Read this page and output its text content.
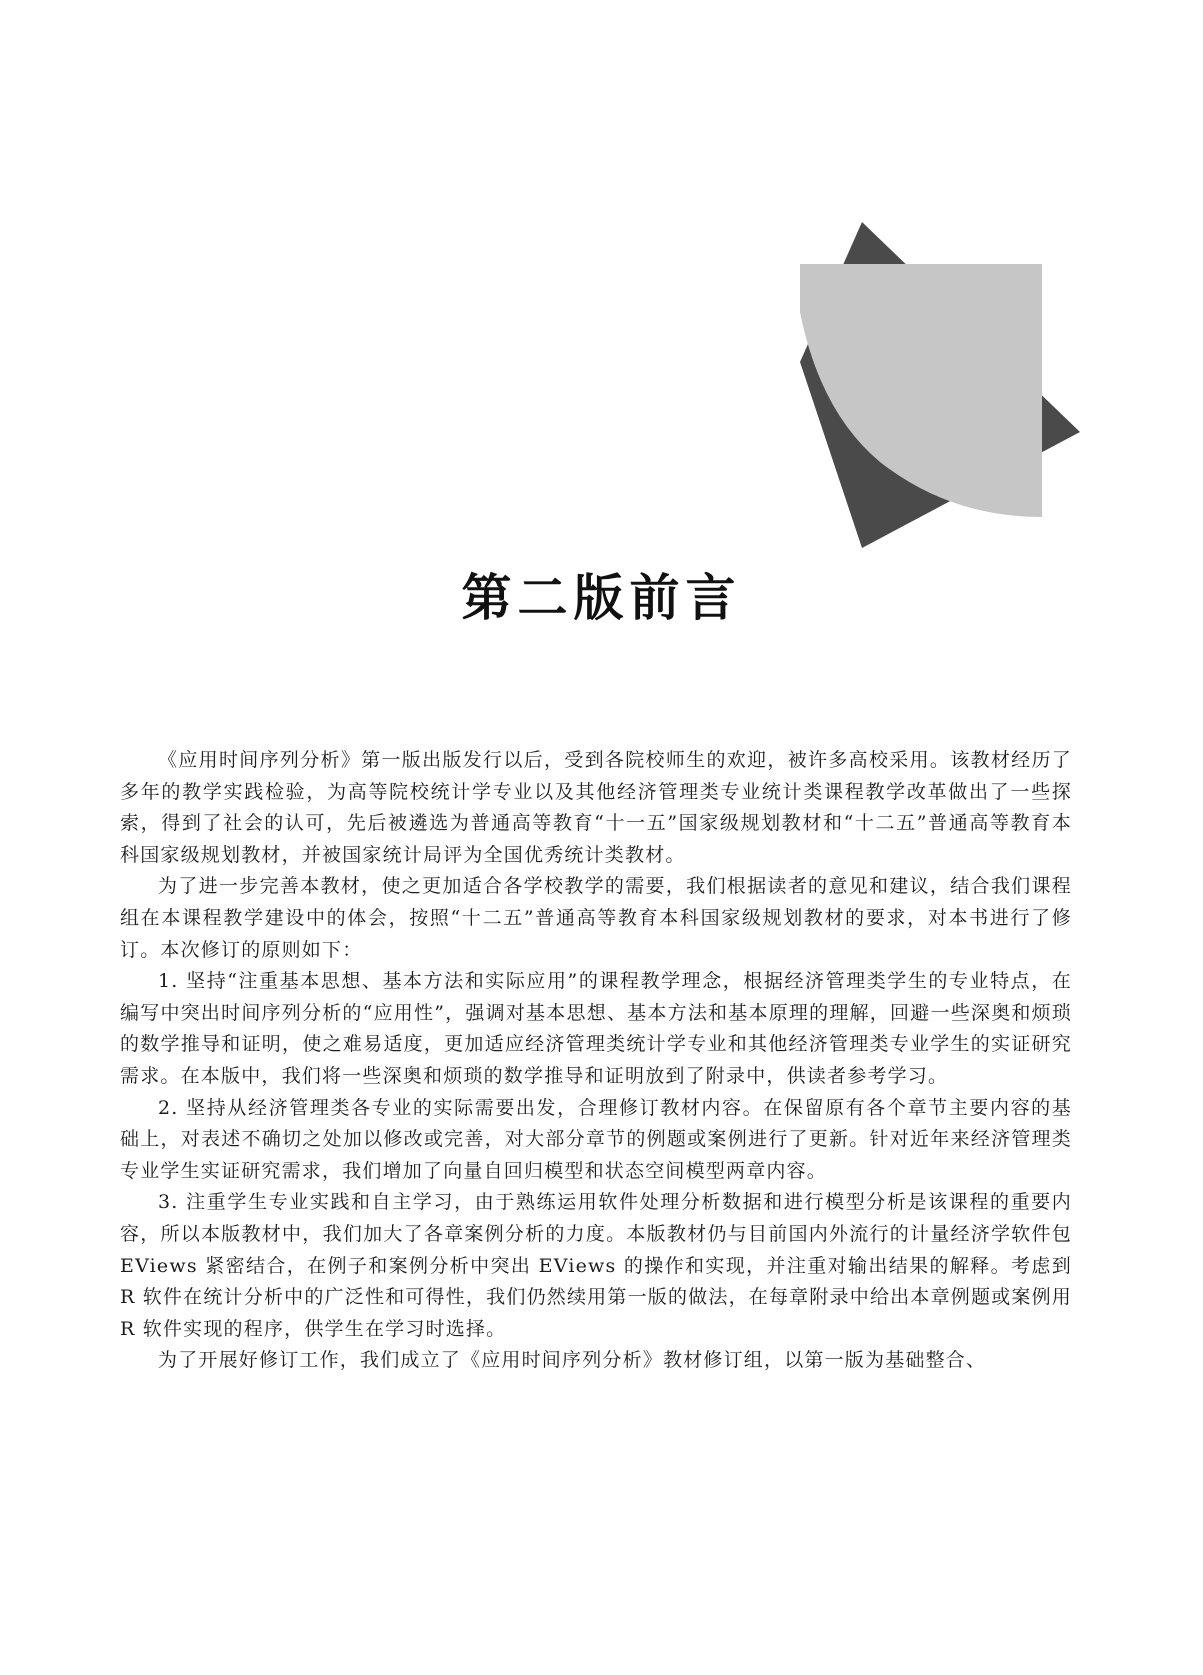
第二版前言

《应用时间序列分析》第一版出版发行以后，受到各院校师生的欢迎，被许多高校采用。该教材经历了多年的教学实践检验，为高等院校统计学专业以及其他经济管理类专业统计类课程教学改革做出了一些探索，得到了社会的认可，先后被遴选为普通高等教育“十一五”国家级规划教材和“十二五”普通高等教育本科国家级规划教材，并被国家统计局评为全国优秀统计类教材。

为了进一步完善本教材，使之更加适合各学校教学的需要，我们根据读者的意见和建议，结合我们课程组在本课程教学建设中的体会，按照“十二五”普通高等教育本科国家级规划教材的要求，对本书进行了修订。本次修订的原则如下：

1. 坚持“注重基本思想、基本方法和实际应用”的课程教学理念，根据经济管理类学生的专业特点，在编写中突出时间序列分析的“应用性”，强调对基本思想、基本方法和基本原理的理解，回避一些深奥和烦琐的数学推导和证明，使之难易适度，更加适应经济管理类统计学专业和其他经济管理类专业学生的实证研究需求。在本版中，我们将一些深奥和烦琐的数学推导和证明放到了附录中，供读者参考学习。

2. 坚持从经济管理类各专业的实际需要出发，合理修订教材内容。在保留原有各个章节主要内容的基础上，对表述不确切之处加以修改或完善，对大部分章节的例题或案例进行了更新。针对近年来经济管理类专业学生实证研究需求，我们增加了向量自回归模型和状态空间模型两章内容。

3. 注重学生专业实践和自主学习，由于熟练运用软件处理分析数据和进行模型分析是该课程的重要内容，所以本版教材中，我们加大了各章案例分析的力度。本版教材仍与目前国内外流行的计量经济学软件包 EViews 紧密结合，在例子和案例分析中突出 EViews 的操作和实现，并注重对输出结果的解释。考虑到 R 软件在统计分析中的广泛性和可得性，我们仍然续用第一版的做法，在每章附录中给出本章例题或案例用 R 软件实现的程序，供学生在学习时选择。

为了开展好修订工作，我们成立了《应用时间序列分析》教材修订组，以第一版为基础整合、
